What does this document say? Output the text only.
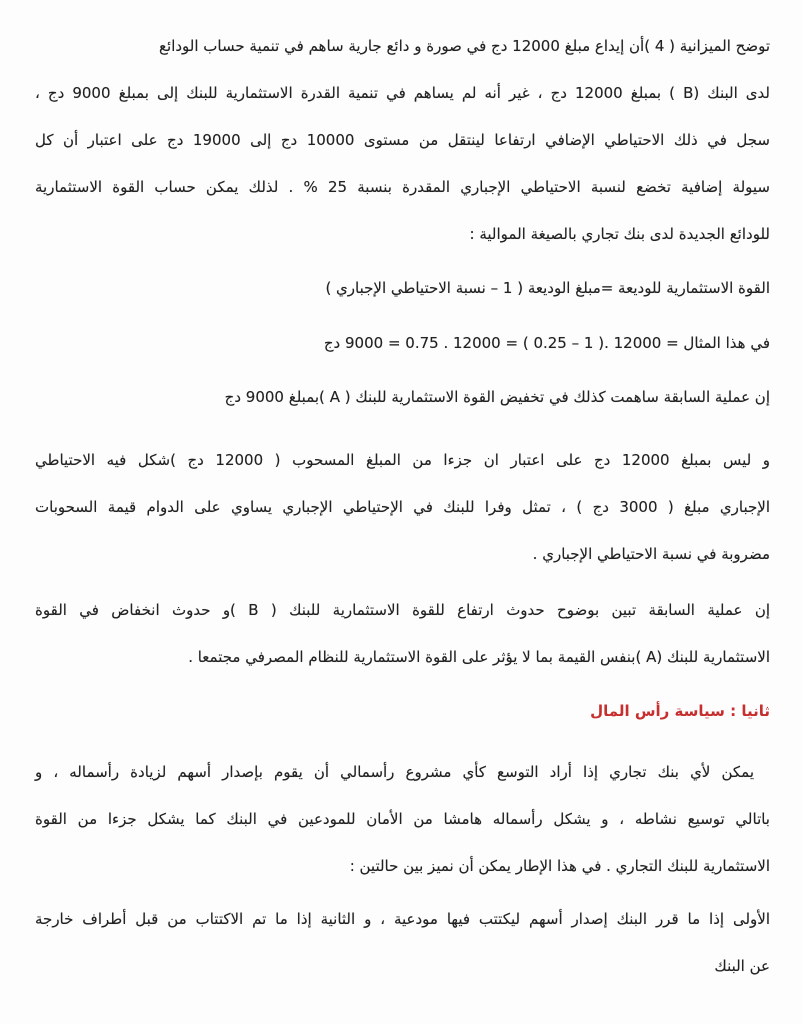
توضح الميزانية ( 4 )أن إيداع مبلغ 12000 دج في صورة و دائع جارية ساهم في تنمية حساب الودائع
لدى البنك (B ) بمبلغ 12000 دج ، غير أنه لم يساهم في تنمية القدرة الاستثمارية للبنك إلى بمبلغ 9000 دج ،
سجل في ذلك الاحتياطي الإضافي ارتفاعا لينتقل من مستوى 10000 دج إلى 19000 دج على اعتبار أن كل
سيولة إضافية تخضع لنسبة الاحتياطي الإجباري المقدرة بنسبة 25 % . لذلك يمكن حساب القوة الاستثمارية
للودائع الجديدة لدى بنك تجاري بالصيغة الموالية :
القوة الاستثمارية للوديعة =مبلغ الوديعة ( 1 – نسبة الاحتياطي الإجباري )
في هذا المثال = 12000 .( 1 – 0.25 ) = 12000 . 0.75 = 9000 دج
إن عملية السابقة ساهمت كذلك في تخفيض القوة الاستثمارية للبنك ( A )بمبلغ 9000 دج
و ليس بمبلغ 12000 دج على اعتبار ان جزءا من المبلغ المسحوب ( 12000 دج )شكل فيه الاحتياطي
الإجباري مبلغ ( 3000 دج ) ، تمثل وفرا للبنك في الإحتياطي الإجباري يساوي على الدوام قيمة السحوبات
مضروبة في نسبة الاحتياطي الإجباري .
إن عملية السابقة تبين بوضوح حدوث ارتفاع للقوة الاستثمارية للبنك ( B )و حدوث انخفاض في القوة
الاستثمارية للبنك (A )بنفس القيمة بما لا يؤثر على القوة الاستثمارية للنظام المصرفي مجتمعا .
ثانيا : سياسة رأس المال
يمكن لأي بنك تجاري إذا أراد التوسع كأي مشروع رأسمالي أن يقوم بإصدار أسهم لزيادة رأسماله ، و
باتالي توسيع نشاطه ، و يشكل رأسماله هامشا من الأمان للمودعين في البنك كما يشكل جزءا من القوة
الاستثمارية للبنك التجاري . في هذا الإطار يمكن أن نميز بين حالتين :
الأولى إذا ما قرر البنك إصدار أسهم ليكتتب فيها مودعية ، و الثانية إذا ما تم الاكتتاب من قبل أطراف خارجة
عن البنك
